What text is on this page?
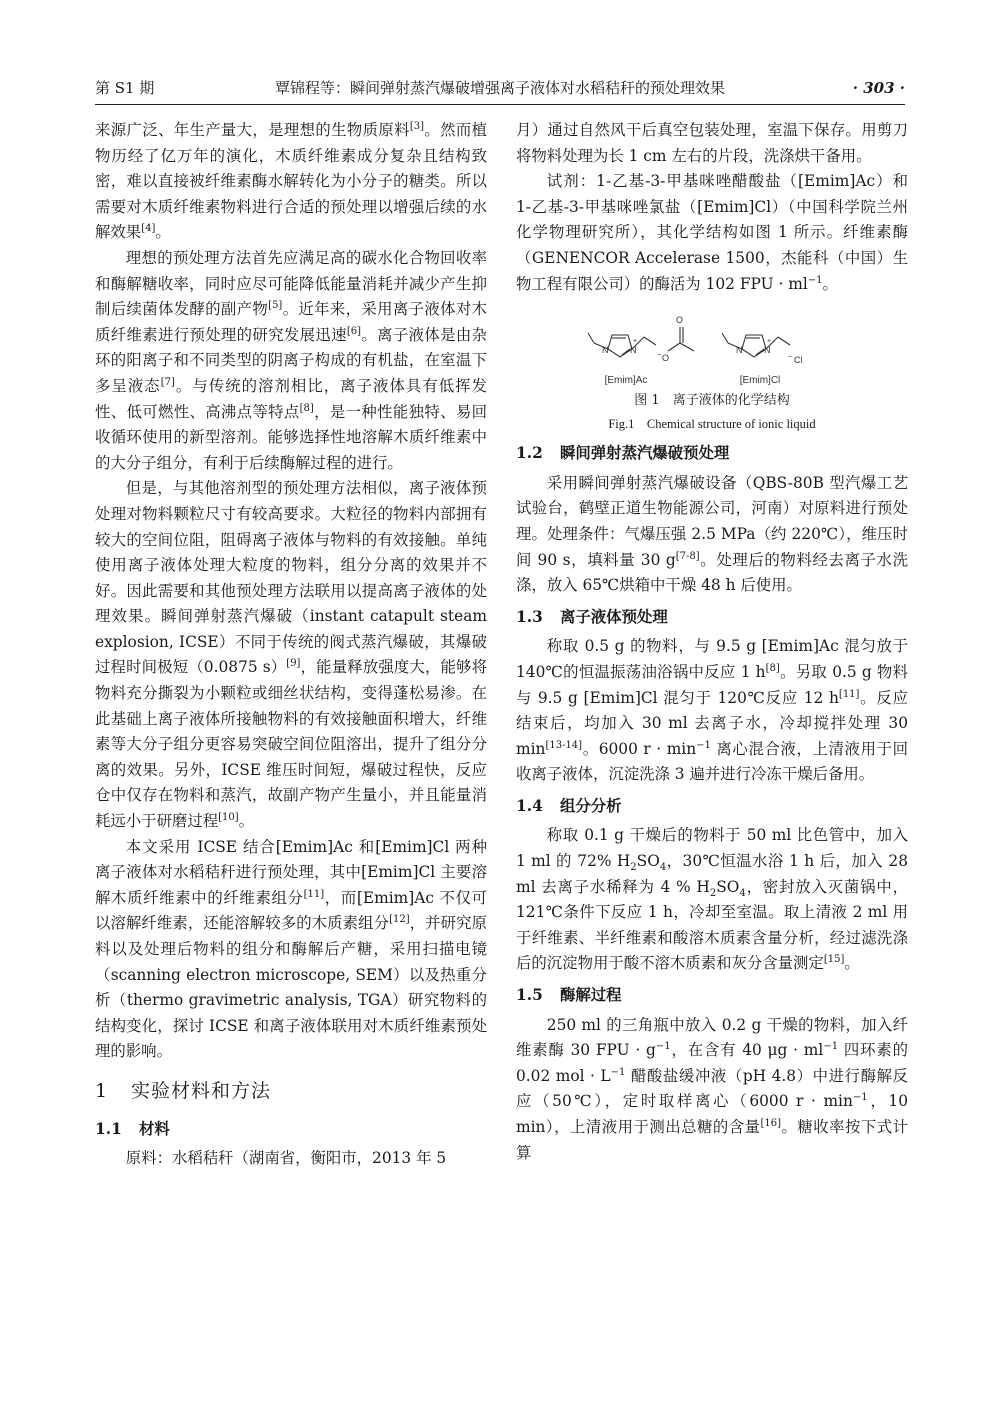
第 S1 期	覃锦程等：瞬间弹射蒸汽爆破增强离子液体对水稻秸秆的预处理效果	· 303 ·

来源广泛、年生产量大，是理想的生物质原料[3]。然而植物历经了亿万年的演化，木质纤维素成分复杂且结构致密，难以直接被纤维素酶水解转化为小分子的糖类。所以需要对木质纤维素物料进行合适的预处理以增强后续的水解效果[4]。

理想的预处理方法首先应满足高的碳水化合物回收率和酶解糖收率，同时应尽可能降低能量消耗并减少产生抑制后续菌体发酵的副产物[5]。近年来，采用离子液体对木质纤维素进行预处理的研究发展迅速[6]。离子液体是由杂环的阳离子和不同类型的阴离子构成的有机盐，在室温下多呈液态[7]。与传统的溶剂相比，离子液体具有低挥发性、低可燃性、高沸点等特点[8]，是一种性能独特、易回收循环使用的新型溶剂。能够选择性地溶解木质纤维素中的大分子组分，有利于后续酶解过程的进行。

但是，与其他溶剂型的预处理方法相似，离子液体预处理对物料颗粒尺寸有较高要求。大粒径的物料内部拥有较大的空间位阻，阻碍离子液体与物料的有效接触。单纯使用离子液体处理大粒度的物料，组分分离的效果并不好。因此需要和其他预处理方法联用以提高离子液体的处理效果。瞬间弹射蒸汽爆破（instant catapult steam explosion, ICSE）不同于传统的阀式蒸汽爆破，其爆破过程时间极短（0.0875 s）[9]，能量释放强度大，能够将物料充分撕裂为小颗粒或细丝状结构，变得蓬松易渗。在此基础上离子液体所接触物料的有效接触面积增大，纤维素等大分子组分更容易突破空间位阻溶出，提升了组分分离的效果。另外，ICSE 维压时间短，爆破过程快，反应仓中仅存在物料和蒸汽，故副产物产生量小，并且能量消耗远小于研磨过程[10]。

本文采用 ICSE 结合[Emim]Ac 和[Emim]Cl 两种离子液体对水稻秸秆进行预处理，其中[Emim]Cl 主要溶解木质纤维素中的纤维素组分[11]，而[Emim]Ac 不仅可以溶解纤维素，还能溶解较多的木质素组分[12]，并研究原料以及处理后物料的组分和酶解后产糖，采用扫描电镜（scanning electron microscope, SEM）以及热重分析（thermo gravimetric analysis, TGA）研究物料的结构变化，探讨 ICSE 和离子液体联用对木质纤维素预处理的影响。

1 实验材料和方法
1.1 材料

原料：水稻秸秆（湖南省，衡阳市，2013 年 5

月）通过自然风干后真空包装处理，室温下保存。用剪刀将物料处理为长 1 cm 左右的片段，洗涤烘干备用。

试剂：1-乙基-3-甲基咪唑醋酸盐（[Emim]Ac）和 1-乙基-3-甲基咪唑氯盐（[Emim]Cl）（中国科学院兰州化学物理研究所），其化学结构如图 1 所示。纤维素酶（GENENCOR Accelerase 1500，杰能科（中国）生物工程有限公司）的酶活为 102 FPU · $ml^{-1}$。

N N
+
O
O
−
N N
+
Cl
−
[Emim]Ac	[Emim]Cl
图 1　离子液体的化学结构
Fig.1　Chemical structure of ionic liquid
1.2 瞬间弹射蒸汽爆破预处理

采用瞬间弹射蒸汽爆破设备（QBS-80B 型汽爆工艺试验台，鹤壁正道生物能源公司，河南）对原料进行预处理。处理条件：气爆压强 2.5 MPa（约 220℃），维压时间 90 s，填料量 30 g[7-8]。处理后的物料经去离子水洗涤，放入 65℃烘箱中干燥 48 h 后使用。

1.3 离子液体预处理

称取 0.5 g 的物料，与 9.5 g [Emim]Ac 混匀放于 140℃的恒温振荡油浴锅中反应 1 h[8]。另取 0.5 g 物料与 9.5 g [Emim]Cl 混匀于 120℃反应 12 h[11]。反应结束后，均加入 30 ml 去离子水，冷却搅拌处理 30 min[13-14]。6000 $r \cdot \min^{-1}$ 离心混合液，上清液用于回收离子液体，沉淀洗涤 3 遍并进行冷冻干燥后备用。

1.4 组分分析

称取 0.1 g 干燥后的物料于 50 ml 比色管中，加入 1 ml 的 72% $H_2SO_4$，30℃恒温水浴 1 h 后，加入 28 ml 去离子水稀释为 4 % $H_2SO_4$，密封放入灭菌锅中，121℃条件下反应 1 h，冷却至室温。取上清液 2 ml 用于纤维素、半纤维素和酸溶木质素含量分析，经过滤洗涤后的沉淀物用于酸不溶木质素和灰分含量测定[15]。

1.5 酶解过程

250 ml 的三角瓶中放入 0.2 g 干燥的物料，加入纤维素酶 30 FPU · $g^{-1}$，在含有 40 $\mu g \cdot ml^{-1}$ 四环素的 0.02 mol · $L^{-1}$ 醋酸盐缓冲液（pH 4.8）中进行酶解反应（50℃），定时取样离心（6000 $r \cdot \min^{-1}$，10 min），上清液用于测出总糖的含量[16]。糖收率按下式计算
